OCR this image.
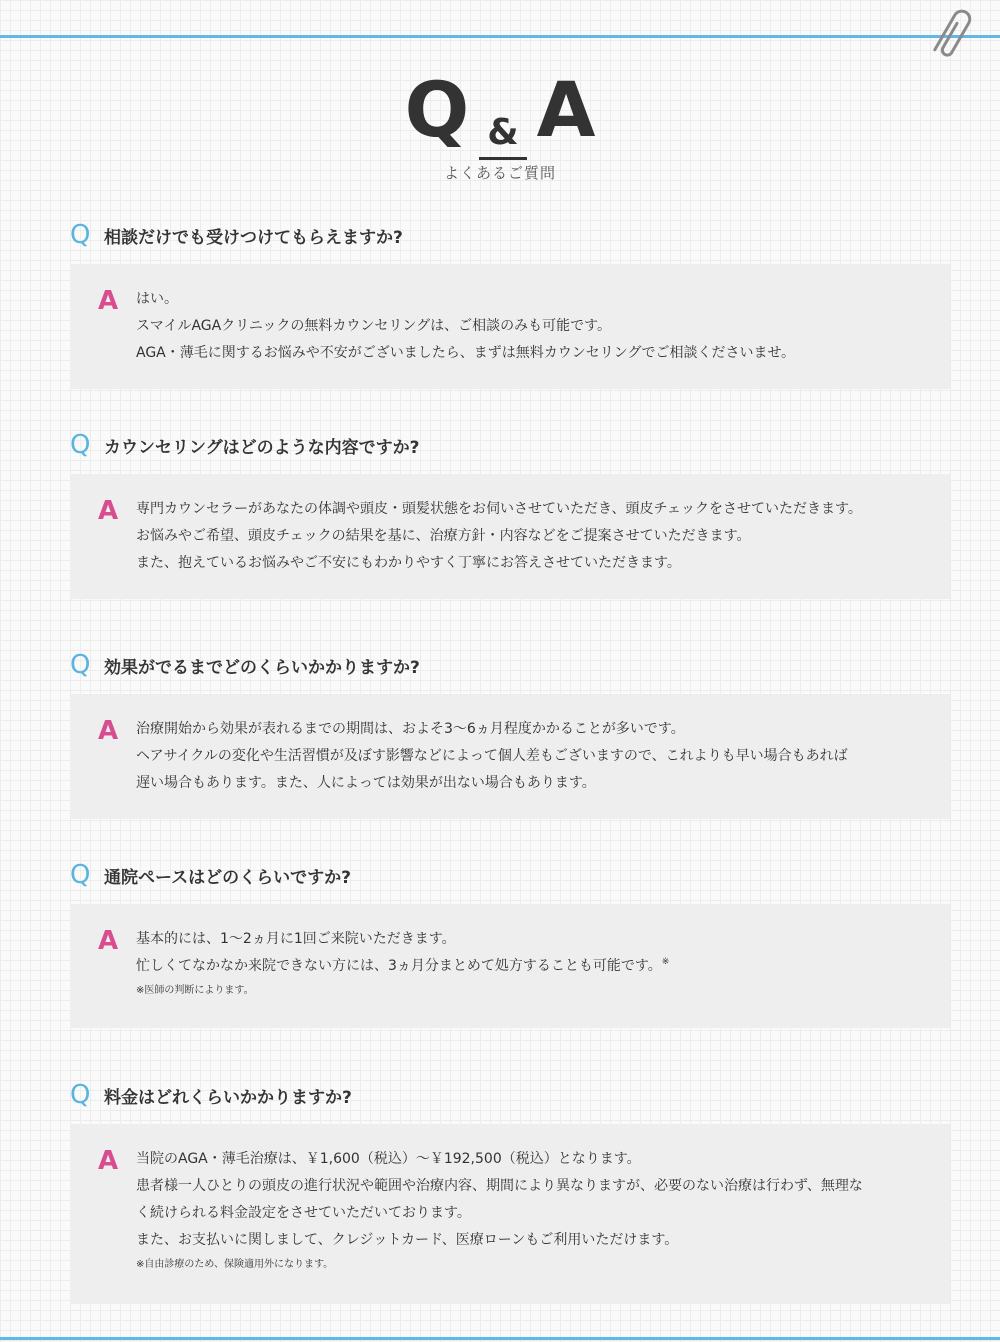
Q & A
よくあるご質問
Q 相談だけでも受けつけてもらえますか?
A はい。
スマイルAGAクリニックの無料カウンセリングは、ご相談のみも可能です。
AGA・薄毛に関するお悩みや不安がございましたら、まずは無料カウンセリングでご相談くださいませ。
Q カウンセリングはどのような内容ですか?
A 専門カウンセラーがあなたの体調や頭皮・頭髪状態をお伺いさせていただき、頭皮チェックをさせていただきます。
お悩みやご希望、頭皮チェックの結果を基に、治療方針・内容などをご提案させていただきます。
また、抱えているお悩みやご不安にもわかりやすく丁寧にお答えさせていただきます。
Q 効果がでるまでどのくらいかかりますか?
A 治療開始から効果が表れるまでの期間は、およそ3〜6ヵ月程度かかることが多いです。
ヘアサイクルの変化や生活習慣が及ぼす影響などによって個人差もございますので、これよりも早い場合もあれば
遅い場合もあります。また、人によっては効果が出ない場合もあります。
Q 通院ペースはどのくらいですか?
A 基本的には、1〜2ヵ月に1回ご来院いただきます。
忙しくてなかなか来院できない方には、3ヵ月分まとめて処方することも可能です。※
※医師の判断によります。
Q 料金はどれくらいかかりますか?
A 当院のAGA・薄毛治療は、￥1,600（税込）〜￥192,500（税込）となります。
患者様一人ひとりの頭皮の進行状況や範囲や治療内容、期間により異なりますが、必要のない治療は行わず、無理な
く続けられる料金設定をさせていただいております。
また、お支払いに関しまして、クレジットカード、医療ローンもご利用いただけます。
※自由診療のため、保険適用外になります。
